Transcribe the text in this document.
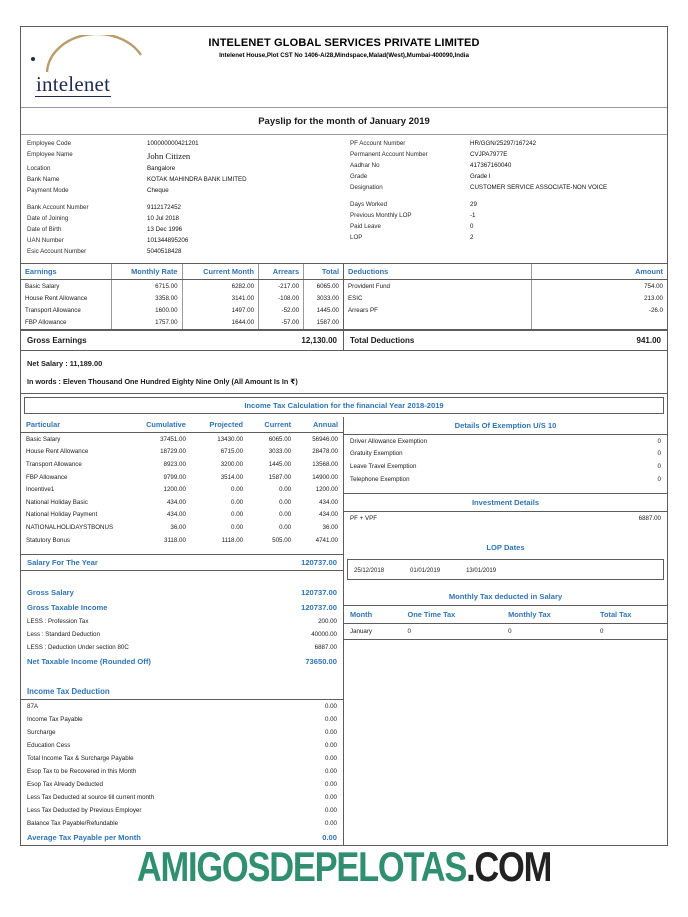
intelenet
INTELENET GLOBAL SERVICES PRIVATE LIMITED
Intelenet House,Plot CST No 1406-A/28,Mindspace,Malad(West),Mumbai-400090,India
Payslip for the month of January 2019
Employee Code	100000000421201
Employee Name	John Citizen
Location	Bangalore
Bank Name	KOTAK MAHINDRA BANK LIMITED
Payment Mode	Cheque
Bank Account Number	9112172452
Date of Joining	10 Jul 2018
Date of Birth	13 Dec 1996
UAN Number	101344895206
Esic Account Number	5040518428
PF Account Number	HR/GGN/25297/167242
Permanent Account Number	CVJPA7977E
Aadhar No	417367160040
Grade	Grade I
Designation	CUSTOMER SERVICE ASSOCIATE-NON VOICE
Days Worked	29
Previous Monthly LOP	-1
Paid Leave	0
LOP	2
Earnings	Monthly Rate	Current Month	Arrears	Total
Basic Salary	6715.00	6282.00	-217.00	6065.00
House Rent Allowance	3358.00	3141.00	-108.00	3033.00
Transport Allowance	1600.00	1497.00	-52.00	1445.00
FBP Allowance	1757.00	1644.00	-57.00	1587.00
Deductions	Amount
Provident Fund	754.00
ESIC	213.00
Arrears PF	-26.0

Gross Earnings	12,130.00 Total Deductions	941.00
Net Salary : 11,189.00
In words : Eleven Thousand One Hundred Eighty Nine Only (All Amount Is In ₹)
Income Tax Calculation for the financial Year 2018-2019
Particular	Cumulative	Projected	Current	Annual
Basic Salary	37451.00	13430.00	6065.00	56946.00
House Rent Allowance	18729.00	6715.00	3033.00	28478.00
Transport Allowance	8923.00	3200.00	1445.00	13568.00
FBP Allowance	9799.00	3514.00	1587.00	14900.00
Incentive1	1200.00	0.00	0.00	1200.00
National Holiday Basic	434.00	0.00	0.00	434.00
National Holiday Payment	434.00	0.00	0.00	434.00
NATIONALHOLIDAYSTBONUS	36.00	0.00	0.00	36.00
Statutory Bonus	3118.00	1118.00	505.00	4741.00
Salary For The Year	120737.00
Gross Salary	120737.00
Gross Taxable Income	120737.00
LESS : Profession Tax	200.00
Less : Standard Deduction	40000.00
LESS : Deduction Under section 80C	6887.00
Net Taxable Income (Rounded Off)	73650.00
Income Tax Deduction
87A	0.00
Income Tax Payable	0.00
Surcharge	0.00
Education Cess	0.00
Total Income Tax & Surcharge Payable	0.00
Esop Tax to be Recovered in this Month	0.00
Esop Tax Already Deducted	0.00
Less Tax Deducted at source till current month	0.00
Less Tax Deducted by Previous Employer	0.00
Balance Tax Payable/Refundable	0.00
Average Tax Payable per Month	0.00
Details Of Exemption U/S 10
Driver Allowance Exemption	0
Gratuity Exemption	0
Leave Travel Exemption	0
Telephone Exemption	0
Investment Details
PF + VPF	6887.00
LOP Dates
25/12/2018	01/01/2019	13/01/2019
Monthly Tax deducted in Salary
Month	One Time Tax	Monthly Tax	Total Tax
January	0	0	0
AMIGOSDEPELOTAS.COM
